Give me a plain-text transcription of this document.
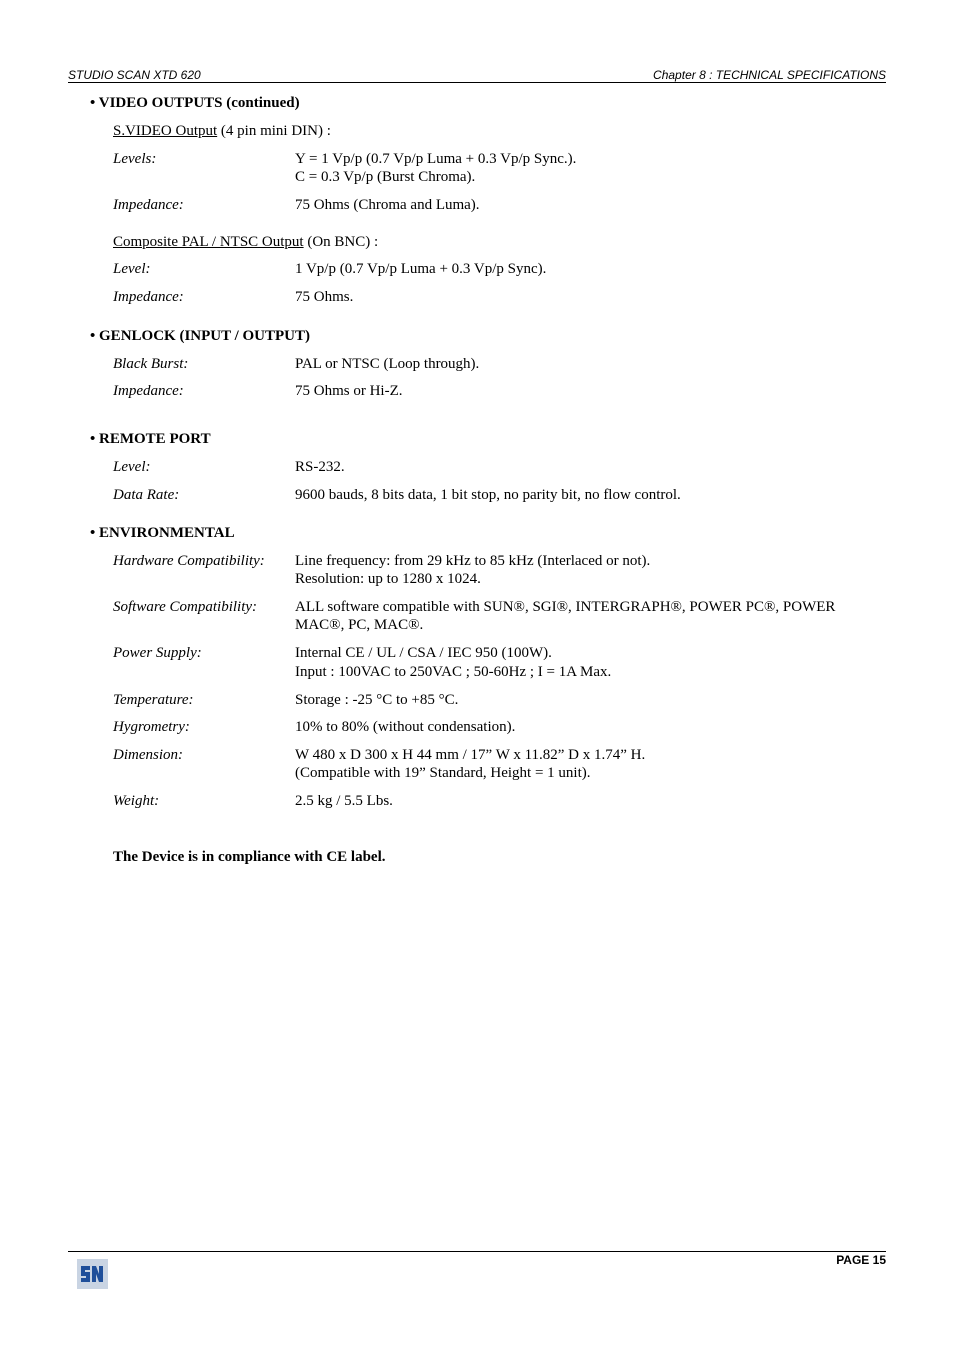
STUDIO SCAN XTD 620	Chapter 8 : TECHNICAL SPECIFICATIONS
• VIDEO OUTPUTS (continued)
S.VIDEO Output (4 pin mini DIN) :
Levels:	Y = 1 Vp/p (0.7 Vp/p Luma + 0.3 Vp/p Sync.).
C = 0.3 Vp/p (Burst Chroma).
Impedance:	75 Ohms (Chroma and Luma).
Composite PAL / NTSC Output (On BNC) :
Level:	1 Vp/p (0.7 Vp/p Luma + 0.3 Vp/p Sync).
Impedance:	75 Ohms.
• GENLOCK (INPUT / OUTPUT)
Black Burst:	PAL or NTSC (Loop through).
Impedance:	75 Ohms or Hi-Z.
• REMOTE PORT
Level:	RS-232.
Data Rate:	9600 bauds, 8 bits data, 1 bit stop, no parity bit, no flow control.
• ENVIRONMENTAL
Hardware Compatibility: Line frequency: from 29 kHz to 85 kHz (Interlaced or not).
Resolution: up to 1280 x 1024.
Software Compatibility:	ALL software compatible with SUN®, SGI®, INTERGRAPH®, POWER PC®, POWER
MAC®, PC, MAC®.
Power Supply:	Internal CE / UL / CSA / IEC 950 (100W).
Input : 100VAC to 250VAC ; 50-60Hz ; I = 1A Max.
Temperature:	Storage : -25 °C to +85 °C.
Hygrometry:	10% to 80% (without condensation).
Dimension:	W 480 x D 300 x H 44 mm / 17” W x 11.82” D x 1.74” H.
(Compatible with 19” Standard, Height = 1 unit).
Weight:	2.5 kg / 5.5 Lbs.
The Device is in compliance with CE label.
PAGE 15
